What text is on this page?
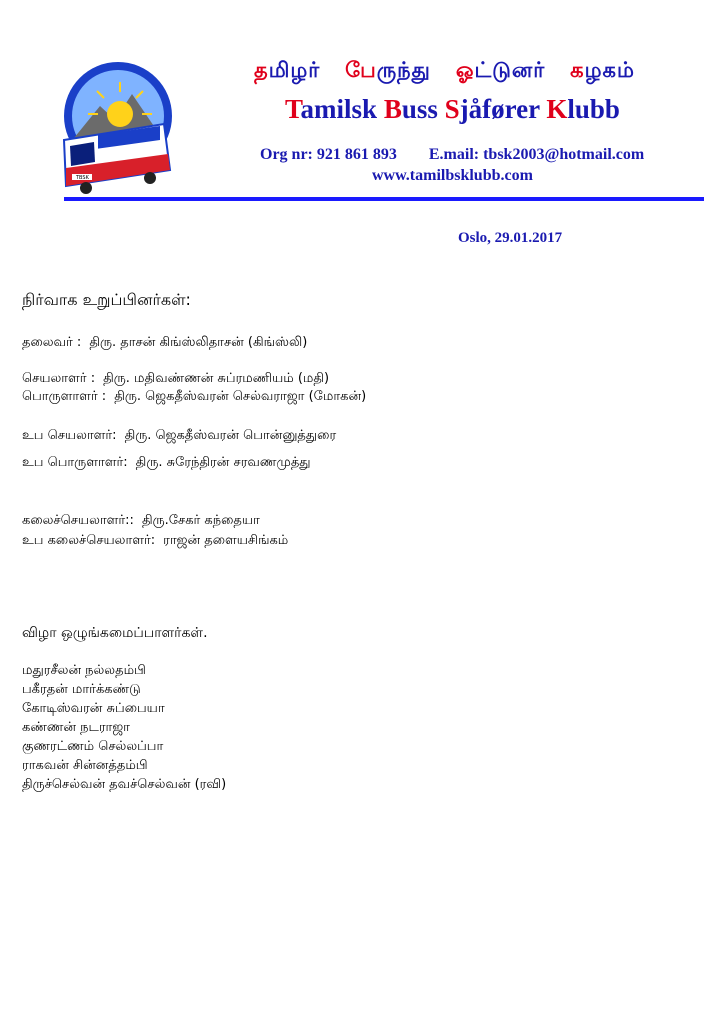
TBSK
தமிழர் பேருந்து ஓட்டுனர் கழகம்
Tamilsk Buss Sjåfører Klubb
Org nr: 921 861 893 E.mail: tbsk2003@hotmail.com
www.tamilbsklubb.com
Oslo, 29.01.2017
நிர்வாக உறுப்பினர்கள்:
தலைவர் : திரு. தாசன் கிங்ஸ்லிதாசன் (கிங்ஸ்லி)
செயலாளர் : திரு. மதிவண்ணன் சுப்ரமணியம் (மதி)
பொருளாளர் : திரு. ஜெகதீஸ்வரன் செல்வராஜா (மோகன்)
உப செயலாளர்: திரு. ஜெகதீஸ்வரன் பொன்னுத்துரை
உப பொருளாளர்: திரு. சுரேந்திரன் சரவணமுத்து
கலைச்செயலாளர்:: திரு.சேகர் கந்தையா
உப கலைச்செயலாளர்: ராஜன் தளையசிங்கம்
விழா ஒழுங்கமைப்பாளர்கள்.
மதுரசீலன் நல்லதம்பி
பகீரதன் மார்க்கண்டு
கோடிஸ்வரன் சுப்பையா
கண்ணன் நடராஜா
குணரட்ணம் செல்லப்பா
ராகவன் சின்னத்தம்பி
திருச்செல்வன் தவச்செல்வன் (ரவி)
